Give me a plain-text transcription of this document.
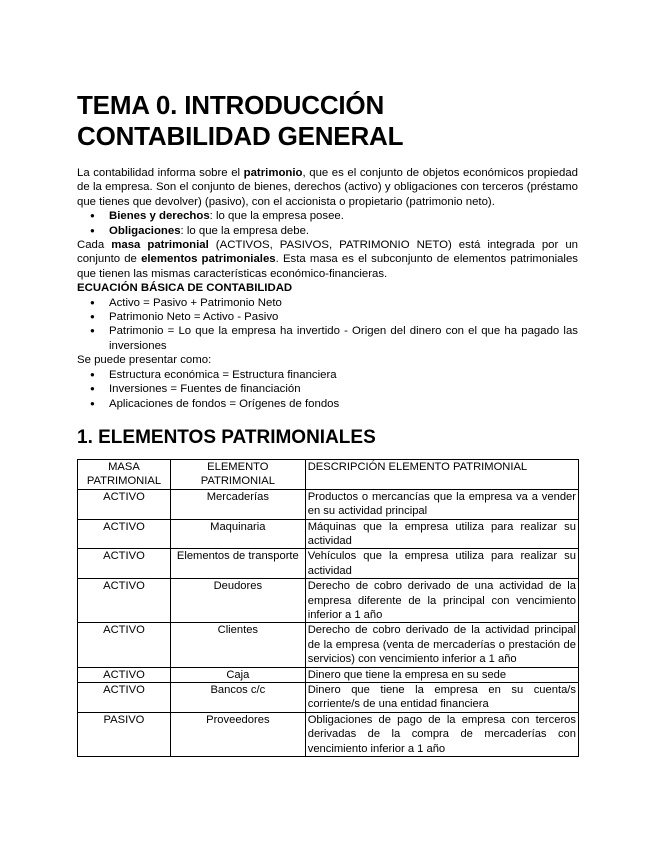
TEMA 0. INTRODUCCIÓN
CONTABILIDAD GENERAL

La contabilidad informa sobre el patrimonio, que es el conjunto de objetos económicos propiedad de la empresa. Son el conjunto de bienes, derechos (activo) y obligaciones con terceros (préstamo que tienes que devolver) (pasivo), con el accionista o propietario (patrimonio neto).

● Bienes y derechos: lo que la empresa posee.
● Obligaciones: lo que la empresa debe.

Cada masa patrimonial (ACTIVOS, PASIVOS, PATRIMONIO NETO) está integrada por un conjunto de elementos patrimoniales. Esta masa es el subconjunto de elementos patrimoniales que tienen las mismas características económico-financieras.

ECUACIÓN BÁSICA DE CONTABILIDAD
● Activo = Pasivo + Patrimonio Neto
● Patrimonio Neto = Activo - Pasivo
● Patrimonio = Lo que la empresa ha invertido - Origen del dinero con el que ha pagado las inversiones

Se puede presentar como:

● Estructura económica = Estructura financiera
● Inversiones = Fuentes de financiación
● Aplicaciones de fondos = Orígenes de fondos
1. ELEMENTOS PATRIMONIALES
MASA PATRIMONIAL	ELEMENTO PATRIMONIAL	DESCRIPCIÓN ELEMENTO PATRIMONIAL
ACTIVO	Mercaderías	Productos o mercancías que la empresa va a vender en su actividad principal
ACTIVO	Maquinaria	Máquinas que la empresa utiliza para realizar su actividad
ACTIVO	Elementos de transporte	Vehículos que la empresa utiliza para realizar su actividad
ACTIVO	Deudores	Derecho de cobro derivado de una actividad de la empresa diferente de la principal con vencimiento inferior a 1 año
ACTIVO	Clientes	Derecho de cobro derivado de la actividad principal de la empresa (venta de mercaderías o prestación de servicios) con vencimiento inferior a 1 año
ACTIVO	Caja	Dinero que tiene la empresa en su sede
ACTIVO	Bancos c/c	Dinero que tiene la empresa en su cuenta/s corriente/s de una entidad financiera
PASIVO	Proveedores	Obligaciones de pago de la empresa con terceros derivadas de la compra de mercaderías con vencimiento inferior a 1 año
